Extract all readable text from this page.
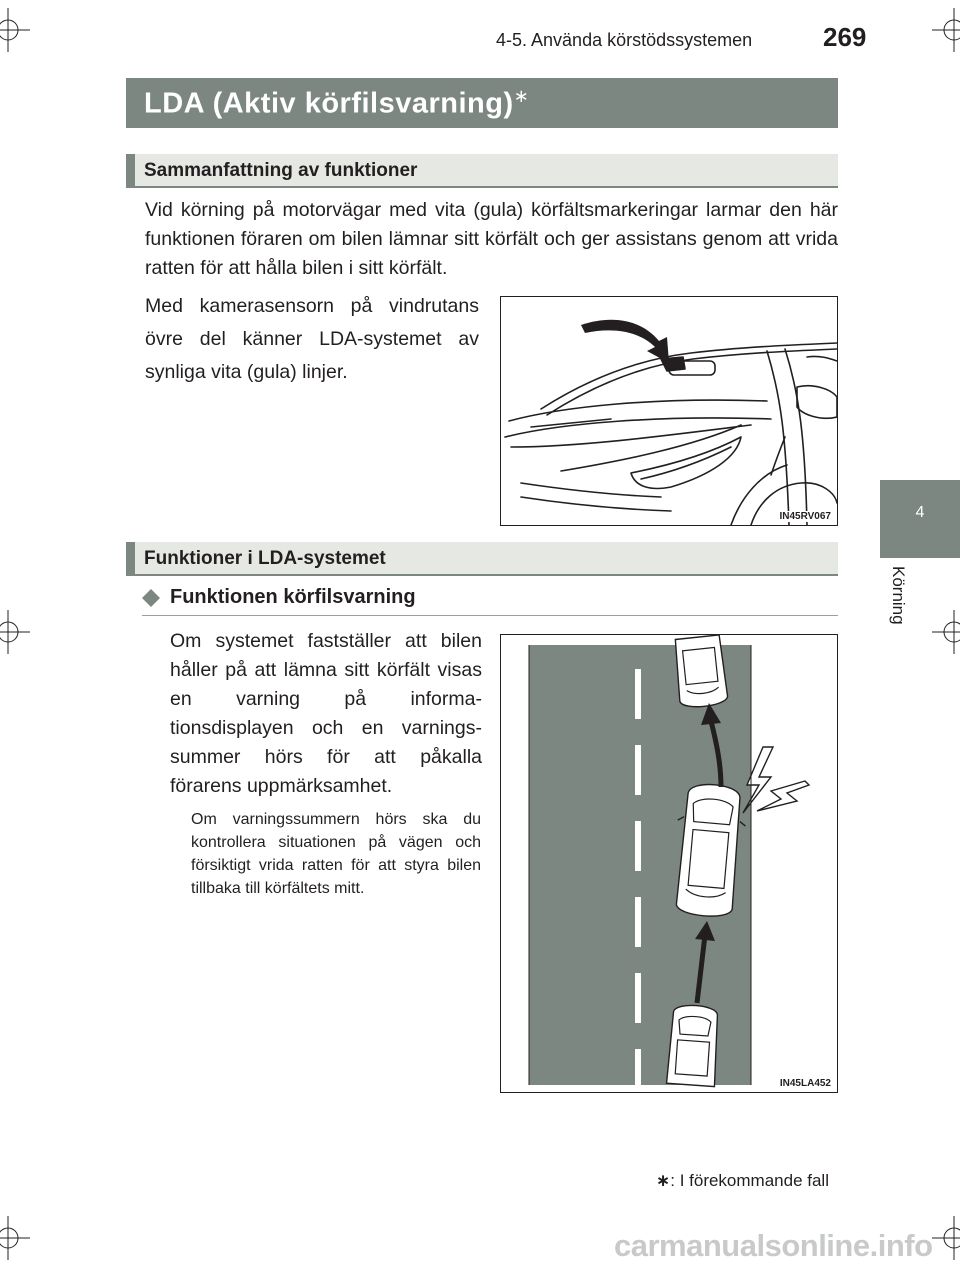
4-5. Använda körstödssystemen	269
4
Körning
LDA (Aktiv körfilsvarning)∗
Sammanfattning av funktioner
Vid körning på motorvägar med vita (gula) körfältsmarkeringar larmar den här funktionen föraren om bilen lämnar sitt körfält och ger assistans genom att vrida ratten för att hålla bilen i sitt körfält.
Med kamerasensorn på vindrutans övre del känner LDA-systemet av synliga vita (gula) linjer.
IN45RV067
Funktioner i LDA-systemet
Funktionen körfilsvarning
Om systemet fastställer att bilen håller på att lämna sitt körfält visas en varning på informationsdisplayen och en varningssummer hörs för att påkalla förarens uppmärksamhet.
Om varningssummern hörs ska du kontrollera situationen på vägen och försiktigt vrida ratten för att styra bilen tillbaka till körfältets mitt.
IN45LA452
∗: I förekommande fall
carmanualsonline.info
